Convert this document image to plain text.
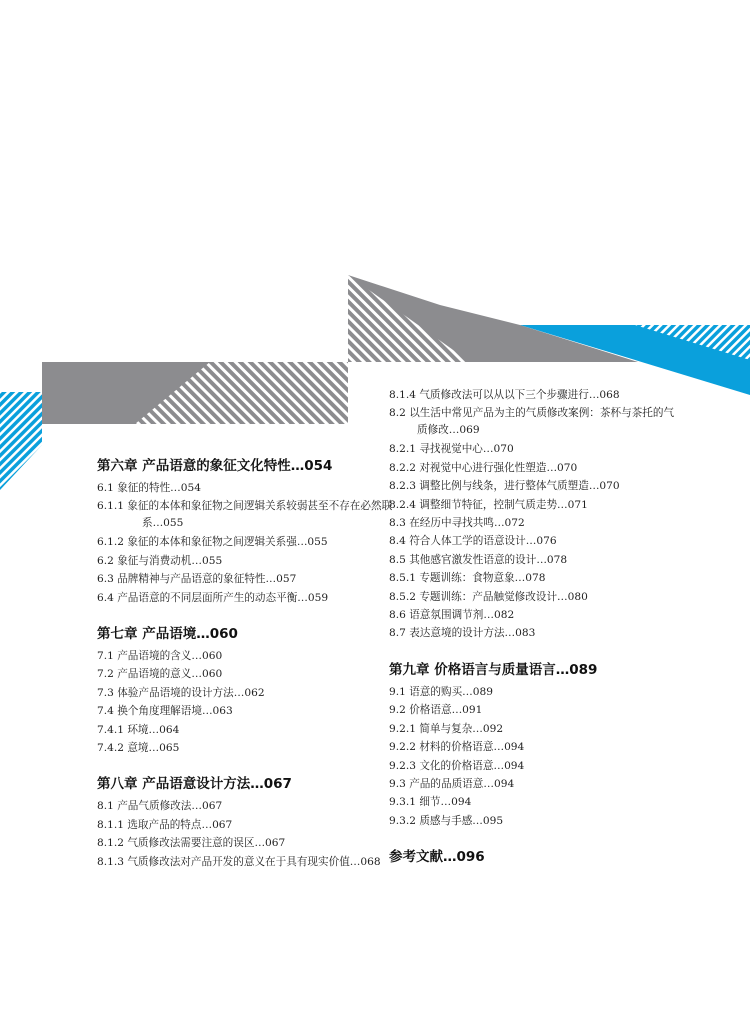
第六章 产品语意的象征文化特性…054
6.1 象征的特性…054
6.1.1 象征的本体和象征物之间逻辑关系较弱甚至不存在必然联系…055
6.1.2 象征的本体和象征物之间逻辑关系强…055
6.2 象征与消费动机…055
6.3 品牌精神与产品语意的象征特性…057
6.4 产品语意的不同层面所产生的动态平衡…059
第七章 产品语境…060
7.1 产品语境的含义…060
7.2 产品语境的意义…060
7.3 体验产品语境的设计方法…062
7.4 换个角度理解语境…063
7.4.1 环境…064
7.4.2 意境…065
第八章 产品语意设计方法…067
8.1 产品气质修改法…067
8.1.1 选取产品的特点…067
8.1.2 气质修改法需要注意的误区…067
8.1.3 气质修改法对产品开发的意义在于具有现实价值…068
8.1.4 气质修改法可以从以下三个步骤进行…068
8.2 以生活中常见产品为主的气质修改案例：茶杯与茶托的气质修改…069
8.2.1 寻找视觉中心…070
8.2.2 对视觉中心进行强化性塑造…070
8.2.3 调整比例与线条，进行整体气质塑造…070
8.2.4 调整细节特征，控制气质走势…071
8.3 在经历中寻找共鸣…072
8.4 符合人体工学的语意设计…076
8.5 其他感官激发性语意的设计…078
8.5.1 专题训练：食物意象…078
8.5.2 专题训练：产品触觉修改设计…080
8.6 语意氛围调节剂…082
8.7 表达意境的设计方法…083
第九章 价格语言与质量语言…089
9.1 语意的购买…089
9.2 价格语意…091
9.2.1 简单与复杂…092
9.2.2 材料的价格语意…094
9.2.3 文化的价格语意…094
9.3 产品的品质语意…094
9.3.1 细节…094
9.3.2 质感与手感…095
参考文献…096
